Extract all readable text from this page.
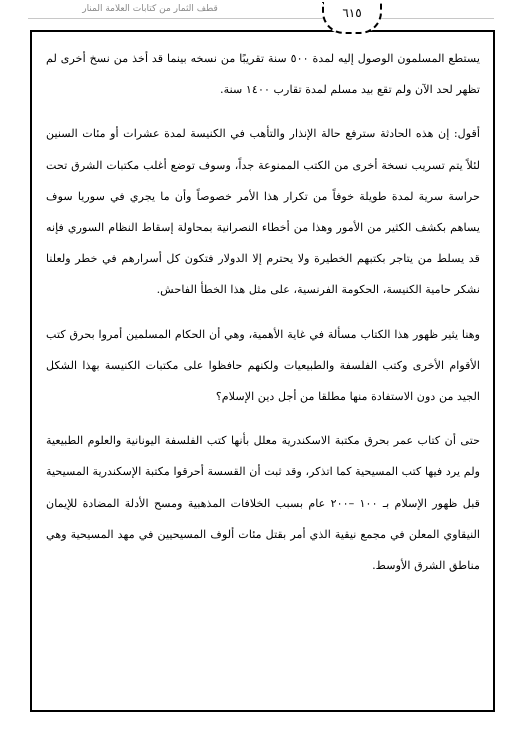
قطف الثمار من كتابات العلامة المنار	٦١٥

يستطع المسلمون الوصول إليه لمدة ٥٠٠ سنة تقريبًا من نسخه بينما قد أخذ من نسخ أخرى لم تظهر لحد الآن ولم تقع بيد مسلم لمدة تقارب ١٤٠٠ سنة.

أقول: إن هذه الحادثة سترفع حالة الإنذار والتأهب في الكنيسة لمدة عشرات أو مئات السنين لئلاً يتم تسريب نسخة أخرى من الكتب الممنوعة جداً، وسوف توضع أغلب مكتبات الشرق تحت حراسة سرية لمدة طويلة خوفاً من تكرار هذا الأمر خصوصاً وأن ما يجري في سوريا سوف يساهم بكشف الكثير من الأمور وهذا من أخطاء النصرانية بمحاولة إسقاط النظام السوري فإنه قد يسلط من يتاجر بكتبهم الخطيرة ولا يحترم إلا الدولار فتكون كل أسرارهم في خطر ولعلنا نشكر حامية الكنيسة، الحكومة الفرنسية، على مثل هذا الخطأ الفاحش.

وهنا يثير ظهور هذا الكتاب مسألة في غاية الأهمية، وهي أن الحكام المسلمين أمروا بحرق كتب الأقوام الأخرى وكتب الفلسفة والطبيعيات ولكنهم حافظوا على مكتبات الكنيسة بهذا الشكل الجيد من دون الاستفادة منها مطلقا من أجل دين الإسلام؟

حتى أن كتاب عمر بحرق مكتبة الاسكندرية معلل بأنها كتب الفلسفة اليونانية والعلوم الطبيعية ولم يرد فيها كتب المسيحية كما اتذكر، وقد ثبت أن القسسة أحرقوا مكتبة الإسكندرية المسيحية قبل ظهور الإسلام بـ ١٠٠ –٢٠٠ عام بسبب الخلافات المذهبية ومسح الأدلة المضادة للإيمان النيقاوي المعلن في مجمع نيقية الذي أمر بقتل مئات ألوف المسيحيين في مهد المسيحية وهي مناطق الشرق الأوسط.
